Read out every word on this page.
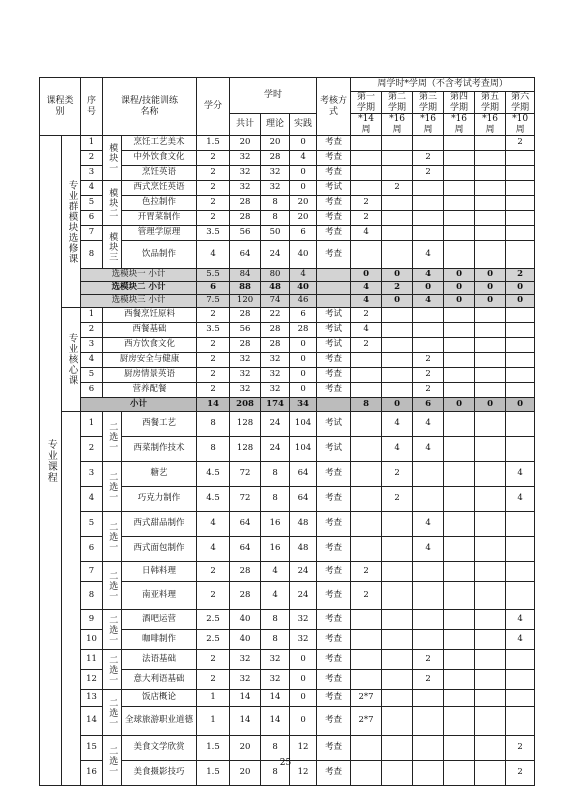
课程类别		序号	课程/技能训练名称		学分	学时			考核方式	周学时*学周（不含考试考查周）					
										第一学期	第二学期	第三学期	第四学期	第五学期	第六学期
						共计	理论	实践		*14周	*16周	*16周	*16周	*16周	*10周
专业课程	专业群模块选修课	1	模块一	烹饪工艺美术	1.5	20	20	0	考查						2
		2		中外饮食文化	2	32	28	4	考查			2			
		3		烹饪英语	2	32	32	0	考查			2			
		4	模块二	西式烹饪英语	2	32	32	0	考试		2				
		5		色拉制作	2	28	8	20	考查	2					
		6		开胃菜制作	2	28	8	20	考查	2					
		7	模块三	管理学原理	3.5	56	50	6	考查	4					
		8		饮品制作	4	64	24	40	考查			4			
		选模块一 小计			5.5	84	80	4		0	0	4	0	0	2
		选模块二 小计			6	88	48	40		4	2	0	0	0	0
		选模块三 小计			7.5	120	74	46		4	0	4	0	0	0
	专业核心课	1	西餐烹饪原料		2	28	22	6	考试	2					
		2	西餐基础		3.5	56	28	28	考试	4					
		3	西方饮食文化		2	28	28	0	考试	2					
		4	厨房安全与健康		2	32	32	0	考查			2			
		5	厨房情景英语		2	32	32	0	考查			2			
		6	营养配餐		2	32	32	0	考查			2			
		小计			14	208	174	34		8	0	6	0	0	0
		1	二选一	西餐工艺	8	128	24	104	考试		4	4			
		2		西菜制作技术	8	128	24	104	考试		4	4			
		3	二选一	糖艺	4.5	72	8	64	考查		2				4
		4		巧克力制作	4.5	72	8	64	考查		2				4
		5	二选一	西式甜品制作	4	64	16	48	考查			4			
		6		西式面包制作	4	64	16	48	考查			4			
		7	二选一	日韩料理	2	28	4	24	考查	2					
		8		南亚料理	2	28	4	24	考查	2					
		9	二选一	酒吧运营	2.5	40	8	32	考查						4
		10		咖啡制作	2.5	40	8	32	考查						4
		11	二选一	法语基础	2	32	32	0	考查			2			
		12		意大利语基础	2	32	32	0	考查			2			
		13	二选一	饭店概论	1	14	14	0	考查	2*7					
		14		全球旅游职业道德	1	14	14	0	考查	2*7					
		15	二选一	美食文学欣赏	1.5	20	8	12	考查						2
		16		美食摄影技巧	1.5	20	8	12	考查						2
25
